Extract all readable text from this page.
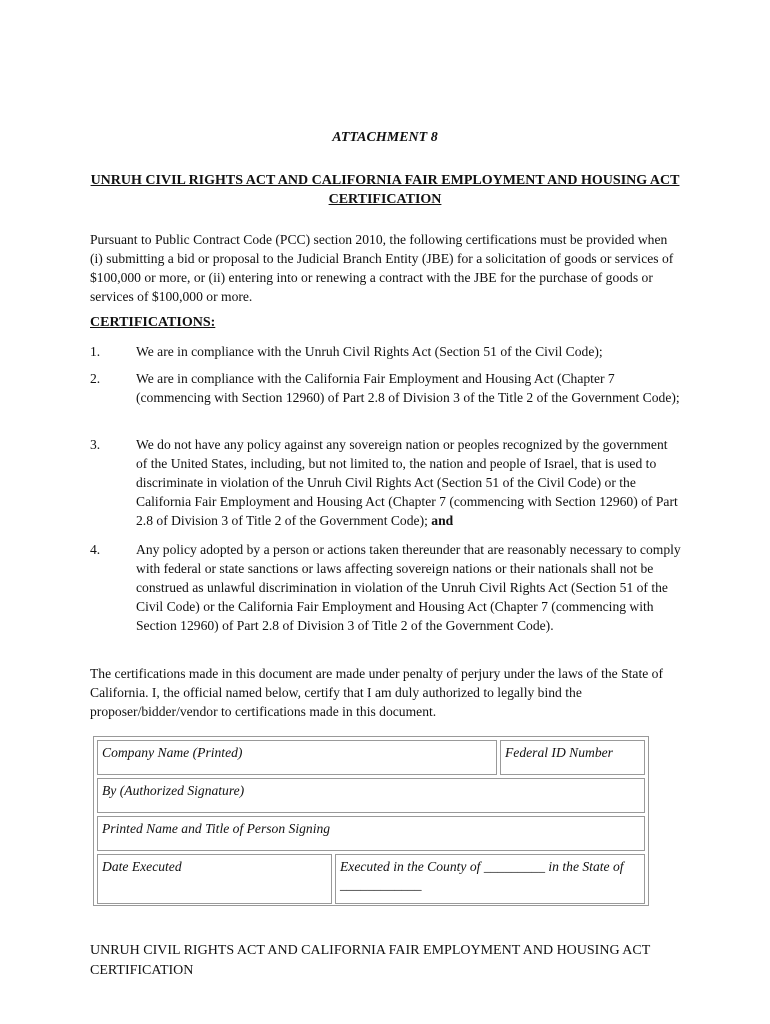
ATTACHMENT 8
UNRUH CIVIL RIGHTS ACT AND CALIFORNIA FAIR EMPLOYMENT AND HOUSING ACT CERTIFICATION
Pursuant to Public Contract Code (PCC) section 2010, the following certifications must be provided when (i) submitting a bid or proposal to the Judicial Branch Entity (JBE) for a solicitation of goods or services of $100,000 or more, or (ii) entering into or renewing a contract with the JBE for the purchase of goods or services of $100,000 or more.
CERTIFICATIONS:
1.	We are in compliance with the Unruh Civil Rights Act (Section 51 of the Civil Code);
2.	We are in compliance with the California Fair Employment and Housing Act (Chapter 7 (commencing with Section 12960) of Part 2.8 of Division 3 of the Title 2 of the Government Code);
3.	We do not have any policy against any sovereign nation or peoples recognized by the government of the United States, including, but not limited to, the nation and people of Israel, that is used to discriminate in violation of the Unruh Civil Rights Act (Section 51 of the Civil Code) or the California Fair Employment and Housing Act (Chapter 7 (commencing with Section 12960) of Part 2.8 of Division 3 of Title 2 of the Government Code); and
4.	Any policy adopted by a person or actions taken thereunder that are reasonably necessary to comply with federal or state sanctions or laws affecting sovereign nations or their nationals shall not be construed as unlawful discrimination in violation of the Unruh Civil Rights Act (Section 51 of the Civil Code) or the California Fair Employment and Housing Act (Chapter 7 (commencing with Section 12960) of Part 2.8 of Division 3 of Title 2 of the Government Code).
The certifications made in this document are made under penalty of perjury under the laws of the State of California. I, the official named below, certify that I am duly authorized to legally bind the proposer/bidder/vendor to certifications made in this document.
Company Name (Printed)	Federal ID Number
By (Authorized Signature)
Printed Name and Title of Person Signing
Date Executed	Executed in the County of _________ in the State of ____________
UNRUH CIVIL RIGHTS ACT AND CALIFORNIA FAIR EMPLOYMENT AND HOUSING ACT CERTIFICATION
